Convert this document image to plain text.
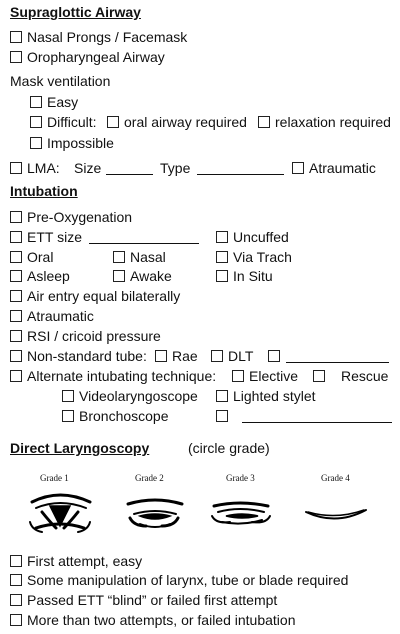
Supraglottic Airway
Nasal Prongs / Facemask
Oropharyngeal Airway
Mask ventilation
Easy
Difficult:	oral airway required	relaxation required
Impossible
LMA: Size	Type	Atraumatic
Intubation
Pre-Oxygenation
ETT size	Uncuffed
Oral	Nasal	Via Trach
Asleep	Awake	In Situ
Air entry equal bilaterally
Atraumatic
RSI / cricoid pressure
Non-standard tube:	Rae	DLT
Alternate intubating technique:	Elective	Rescue
Videolaryngoscope	Lighted stylet
Bronchoscope
Direct Laryngoscopy	(circle grade)
Grade 1	Grade 2	Grade 3	Grade 4
First attempt, easy
Some manipulation of larynx, tube or blade required
Passed ETT “blind” or failed first attempt
More than two attempts, or failed intubation
